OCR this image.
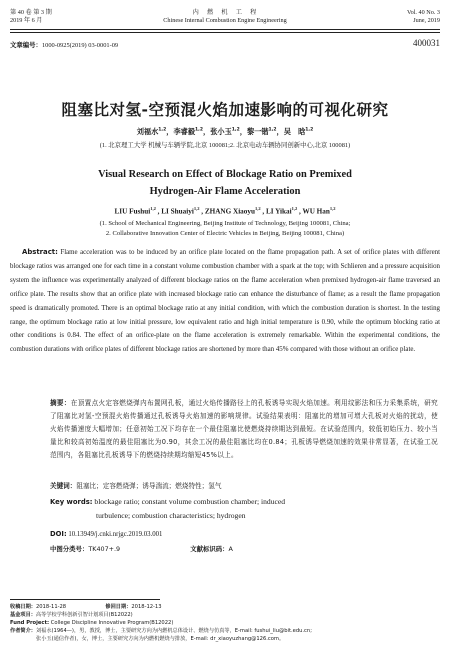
第 40 卷 第 3 期
2019 年 6 月
内　燃　机　工　程
Chinese Internal Combustion Engine Engineering
Vol. 40 No. 3
June, 2019
文章编号：1000-0925(2019) 03-0001-09	400031
阻塞比对氢-空预混火焰加速影响的可视化研究
刘福水$^{1,2}$，李睿毅$^{1,2}$，张小玉$^{1,2}$，黎一锴$^{1,2}$，吴　晗$^{1,2}$
(1. 北京理工大学 机械与车辆学院,北京 100081;2. 北京电动车辆协同创新中心,北京 100081)
Visual Research on Effect of Blockage Ratio on Premixed
Hydrogen-Air Flame Acceleration
LIU Fushui$^{1,2}$ , LI Shuaiyi$^{1,2}$ , ZHANG Xiaoyu$^{1,2}$ , LI Yikai$^{1,2}$ , WU Han$^{1,2}$
(1. School of Mechanical Engineering, Beijing Institute of Technology, Beijing 100081, China;
2. Collaborative Innovation Center of Electric Vehicles in Beijing, Beijing 100081, China)
Abstract: Flame acceleration was to be induced by an orifice plate located on the flame propagation path. A set of orifice plates with different blockage ratios was arranged one for each time in a constant volume combustion chamber with a spark at the top; with Schlieren and a pressure acquisition system the influence was experimentally analyzed of different blockage ratios on the flame acceleration when premixed hydrogen-air flame traversed an orifice plate. The results show that an orifice plate with increased blockage ratio can enhance the disturbance of flame; as a result the flame propagation speed is dramatically promoted. There is an optimal blockage ratio at any initial condition, with which the combustion duration is shortest. In the testing range, the optimum blockage ratio at low initial pressure, low equivalent ratio and high initial temperature is 0.90, while the optimum blocking ratio at other conditions is 0.84. The effect of an orifice-plate on the flame acceleration is extremely remarkable. Within the experimental conditions, the combustion durations with orifice plates of different blockage ratios are shortened by more than 45% compared with those without an orifice plate.
摘要：在顶置点火定容燃烧弹内布置网孔板，通过火焰传播路径上的孔板诱导实现火焰加速。利用纹影法和压力采集系统，研究了阻塞比对氢-空预混火焰传播通过孔板诱导火焰加速的影响规律。试验结果表明：阻塞比的增加可增大孔板对火焰的扰动，使火焰传播速度大幅增加；任意初始工况下均存在一个最佳阻塞比使燃烧持续期达到最短。在试验范围内，较低初始压力、较小当量比和较高初始温度的最佳阻塞比为0.90，其余工况的最佳阻塞比均在0.84；孔板诱导燃烧加速的效果非常显著，在试验工况范围内，各阻塞比孔板诱导下的燃烧持续期均缩短45%以上。
关键词：阻塞比；定容燃烧弹；诱导湍流；燃烧特性；氢气
Key words: blockage ratio; constant volume combustion chamber; induced
turbulence; combustion characteristics; hydrogen
DOI: 10.13949/j.cnki.nrjgc.2019.03.001
中图分类号：TK407+.9	文献标识码：A
收稿日期：2018-11-28	修回日期：2018-12-13
基金项目：高等学校学科创新引智计划项目(B12022)
Fund Project: College Discipline Innovative Program(B12022)
作者简介：刘福水(1964—)，男，教授，博士，主要研究方向为内燃机总体设计、燃烧与仿真等，E-mail: fushui_liu@bit.edu.cn;
张小玉(通信作者)，女，博士，主要研究方向为内燃机燃烧与排放，E-mail: dr_xiaoyuzhang@126.com。
